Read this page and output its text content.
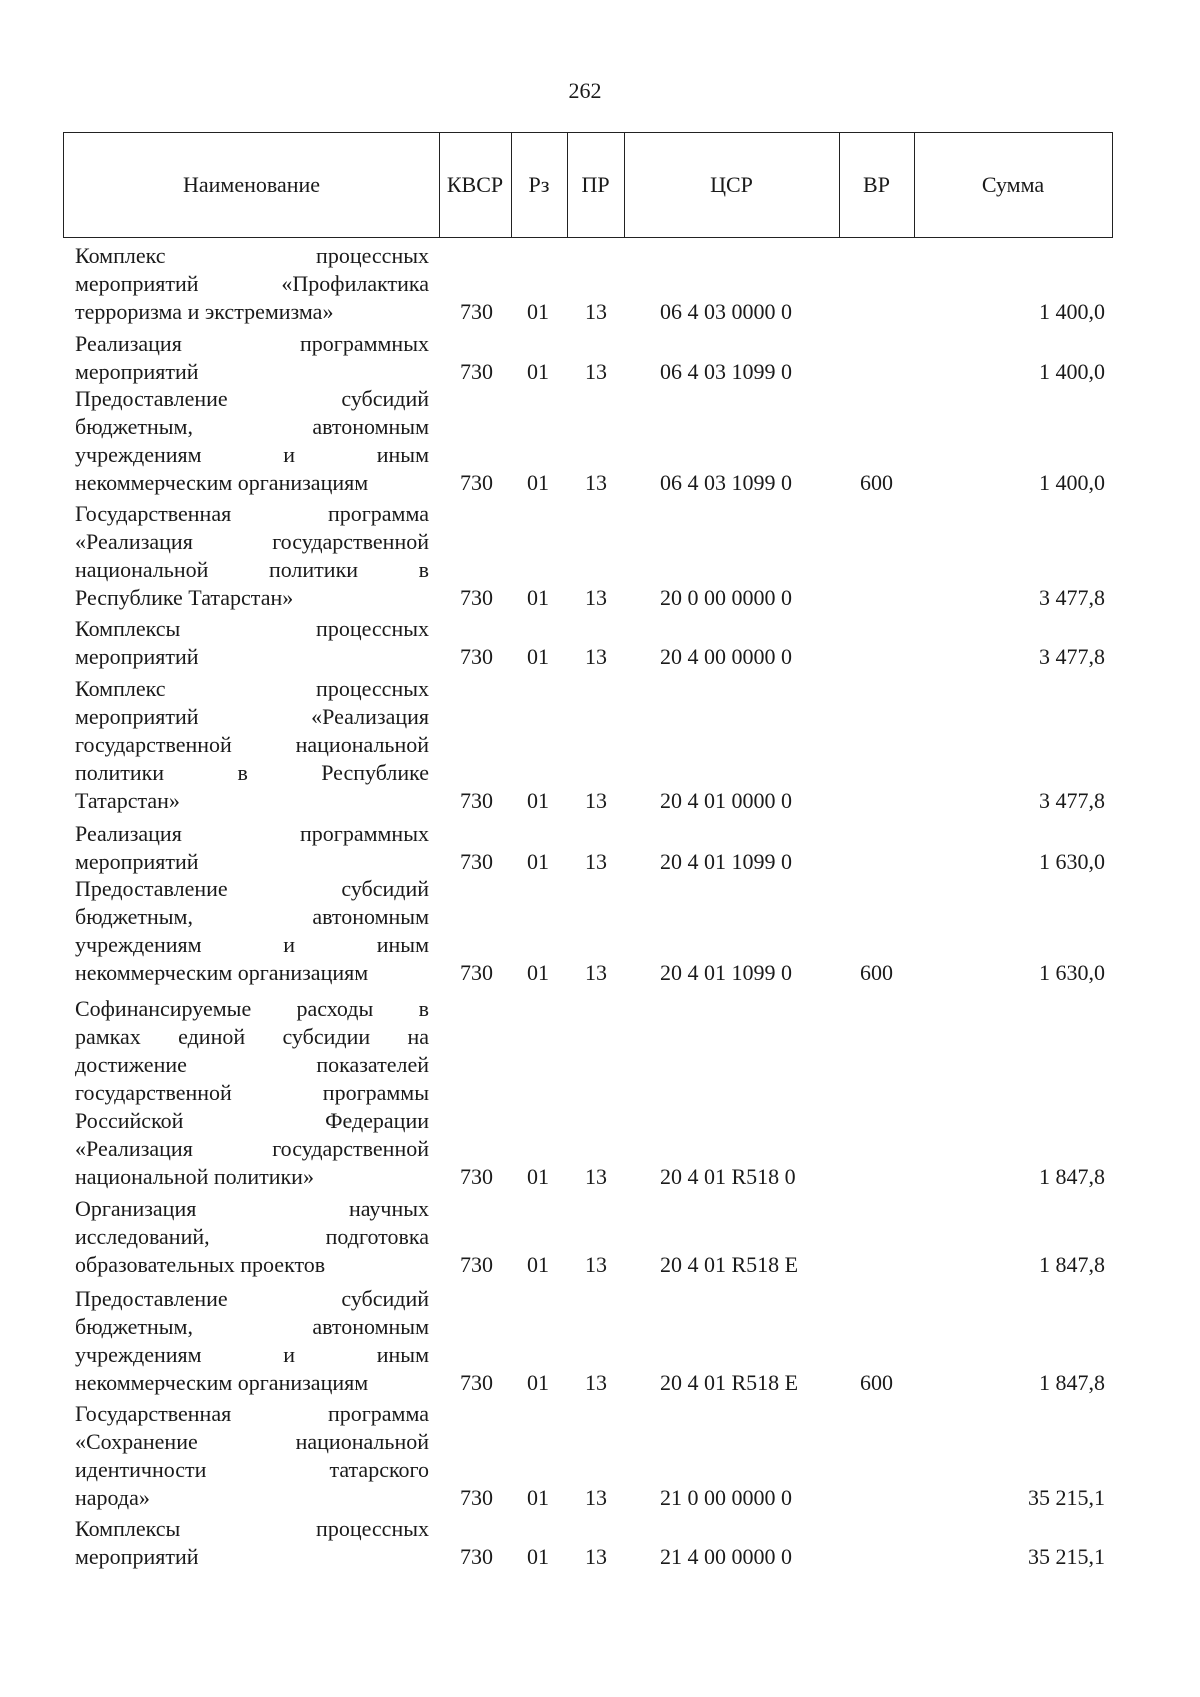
262
Наименование	КВСР	Рз	ПР	ЦСР	ВР	Сумма
Комплекс процессных
мероприятий «Профилактика
терроризма и экстремизма»	730 01 13 06 4 03 0000 0	1 400,0
Реализация программных
мероприятий	730 01 13 06 4 03 1099 0	1 400,0
Предоставление субсидий
бюджетным, автономным
учреждениям и иным
некоммерческим организациям	730 01 13 06 4 03 1099 0	600	1 400,0
Государственная программа
«Реализация государственной
национальной политики в
Республике Татарстан»	730 01 13 20 0 00 0000 0	3 477,8
Комплексы процессных
мероприятий	730 01 13 20 4 00 0000 0	3 477,8
Комплекс процессных
мероприятий «Реализация
государственной национальной
политики в Республике
Татарстан»	730 01 13 20 4 01 0000 0	3 477,8
Реализация программных
мероприятий	730 01 13 20 4 01 1099 0	1 630,0
Предоставление субсидий
бюджетным, автономным
учреждениям и иным
некоммерческим организациям	730 01 13 20 4 01 1099 0	600	1 630,0
Софинансируемые расходы в
рамках единой субсидии на
достижение показателей
государственной программы
Российской Федерации
«Реализация государственной
национальной политики»	730 01 13 20 4 01 R518 0	1 847,8
Организация научных
исследований, подготовка
образовательных проектов	730 01 13 20 4 01 R518 E	1 847,8
Предоставление субсидий
бюджетным, автономным
учреждениям и иным
некоммерческим организациям	730 01 13 20 4 01 R518 E	600	1 847,8
Государственная программа
«Сохранение национальной
идентичности татарского
народа»	730 01 13 21 0 00 0000 0	35 215,1
Комплексы процессных
мероприятий	730 01 13 21 4 00 0000 0	35 215,1
